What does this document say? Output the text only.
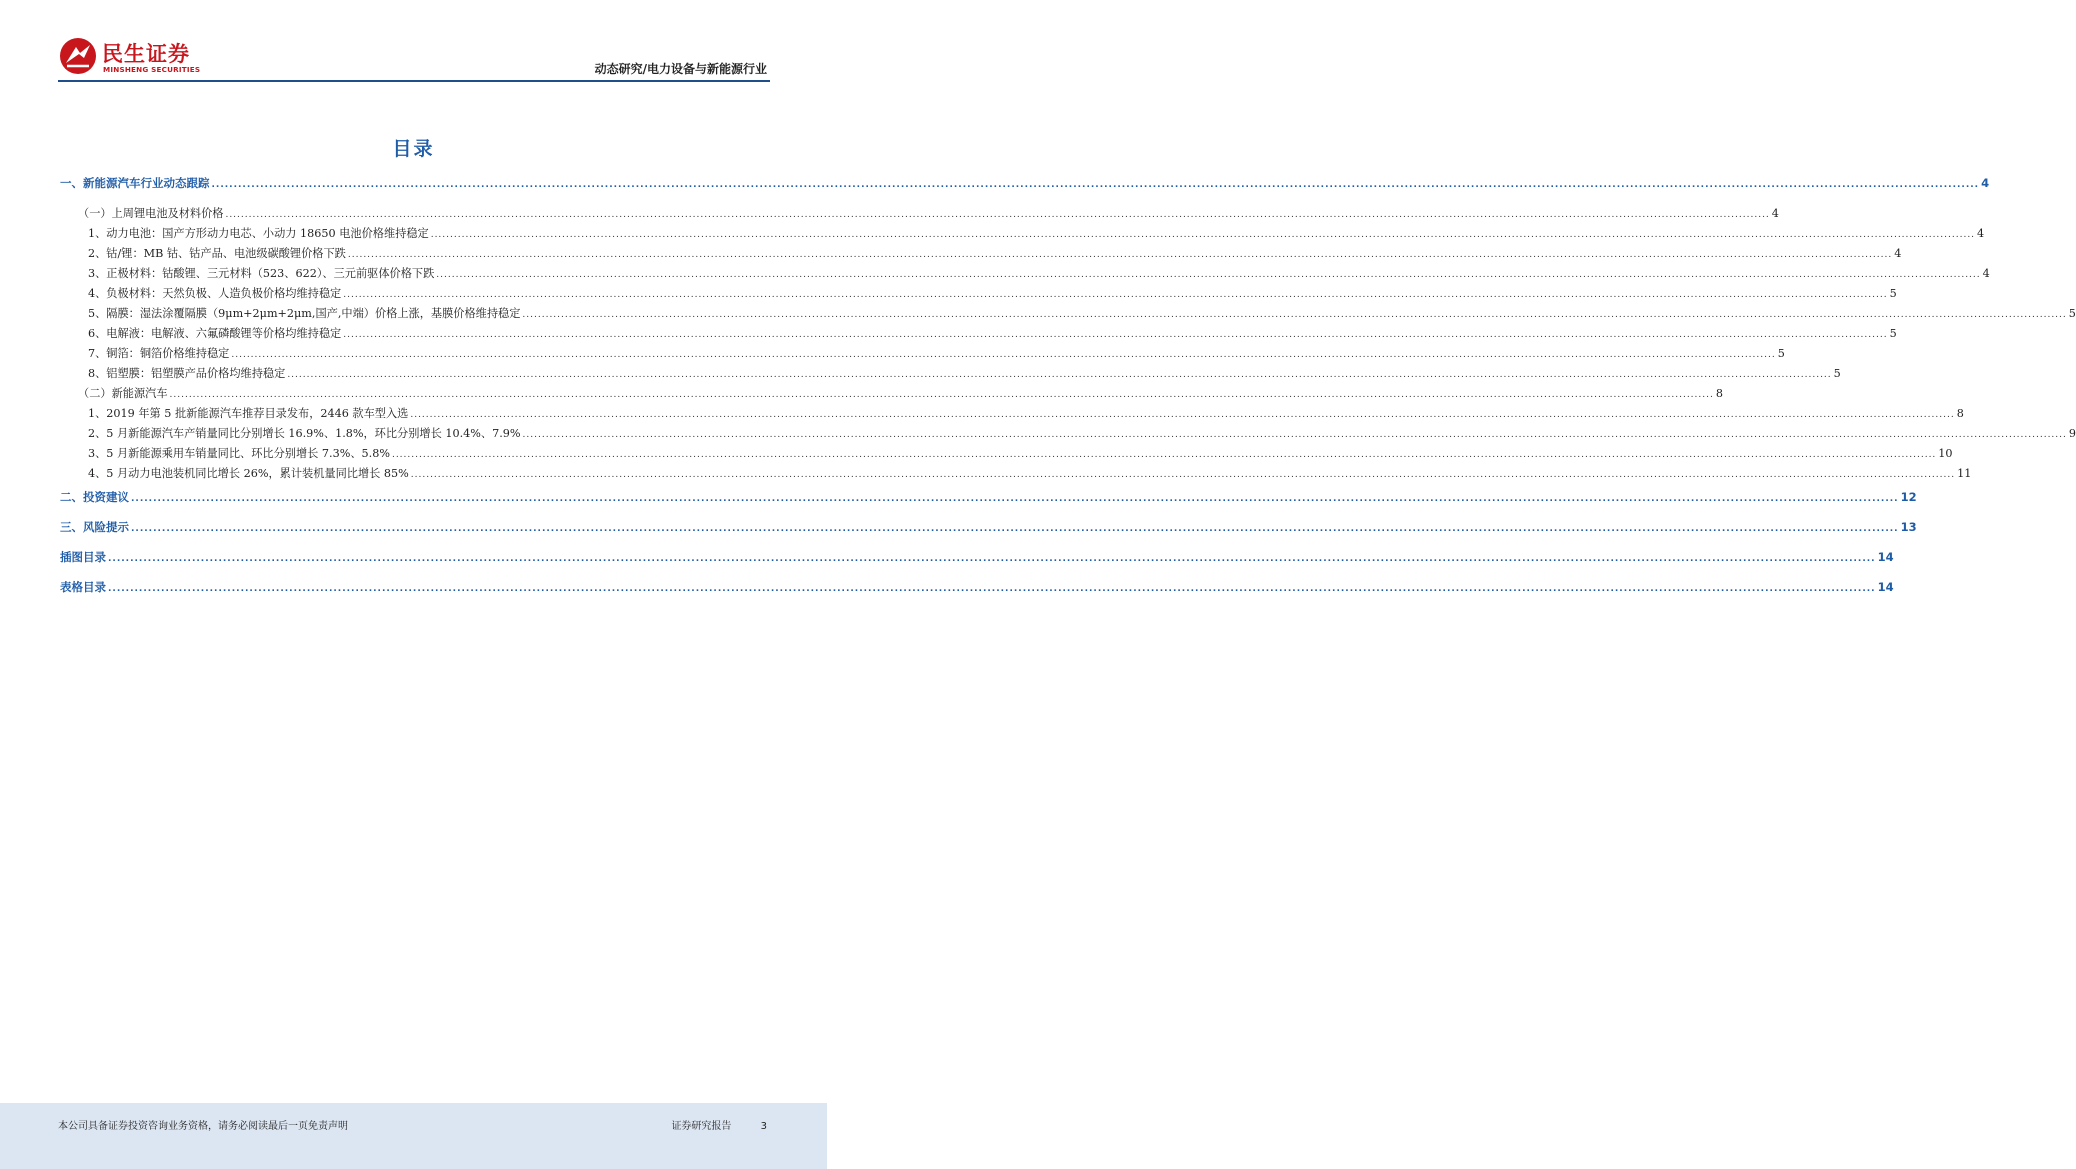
民生证券
MINSHENG SECURITIES	动态研究/电力设备与新能源行业
目录
一、新能源汽车行业动态跟踪 ................................................................................................................................................................................................................................................................................................................................................................................................................ 4
（一）上周锂电池及材料价格 ................................................................................................................................................................................................................................................................................................................................................................................................................ 4
1、动力电池：国产方形动力电芯、小动力 18650 电池价格维持稳定 ................................................................................................................................................................................................................................................................................................................................................................................................................ 4
2、钴/锂：MB 钴、钴产品、电池级碳酸锂价格下跌 ................................................................................................................................................................................................................................................................................................................................................................................................................ 4
3、正极材料：钴酸锂、三元材料（523、622）、三元前驱体价格下跌 ................................................................................................................................................................................................................................................................................................................................................................................................................ 4
4、负极材料：天然负极、人造负极价格均维持稳定 ................................................................................................................................................................................................................................................................................................................................................................................................................ 5
5、隔膜：湿法涂覆隔膜（9μm+2μm+2μm,国产,中端）价格上涨，基膜价格维持稳定 ................................................................................................................................................................................................................................................................................................................................................................................................................ 5
6、电解液：电解液、六氟磷酸锂等价格均维持稳定 ................................................................................................................................................................................................................................................................................................................................................................................................................ 5
7、铜箔：铜箔价格维持稳定 ................................................................................................................................................................................................................................................................................................................................................................................................................ 5
8、铝塑膜：铝塑膜产品价格均维持稳定 ................................................................................................................................................................................................................................................................................................................................................................................................................ 5
（二）新能源汽车 ................................................................................................................................................................................................................................................................................................................................................................................................................ 8
1、2019 年第 5 批新能源汽车推荐目录发布，2446 款车型入选 ................................................................................................................................................................................................................................................................................................................................................................................................................ 8
2、5 月新能源汽车产销量同比分别增长 16.9%、1.8%，环比分别增长 10.4%、7.9% ................................................................................................................................................................................................................................................................................................................................................................................................................ 9
3、5 月新能源乘用车销量同比、环比分别增长 7.3%、5.8% ................................................................................................................................................................................................................................................................................................................................................................................................................ 10
4、5 月动力电池装机同比增长 26%，累计装机量同比增长 85% ................................................................................................................................................................................................................................................................................................................................................................................................................ 11
二、投资建议 ................................................................................................................................................................................................................................................................................................................................................................................................................ 12
三、风险提示 ................................................................................................................................................................................................................................................................................................................................................................................................................ 13
插图目录 ................................................................................................................................................................................................................................................................................................................................................................................................................ 14
表格目录 ................................................................................................................................................................................................................................................................................................................................................................................................................ 14
本公司具备证券投资咨询业务资格，请务必阅读最后一页免责声明	证券研究报告	3
